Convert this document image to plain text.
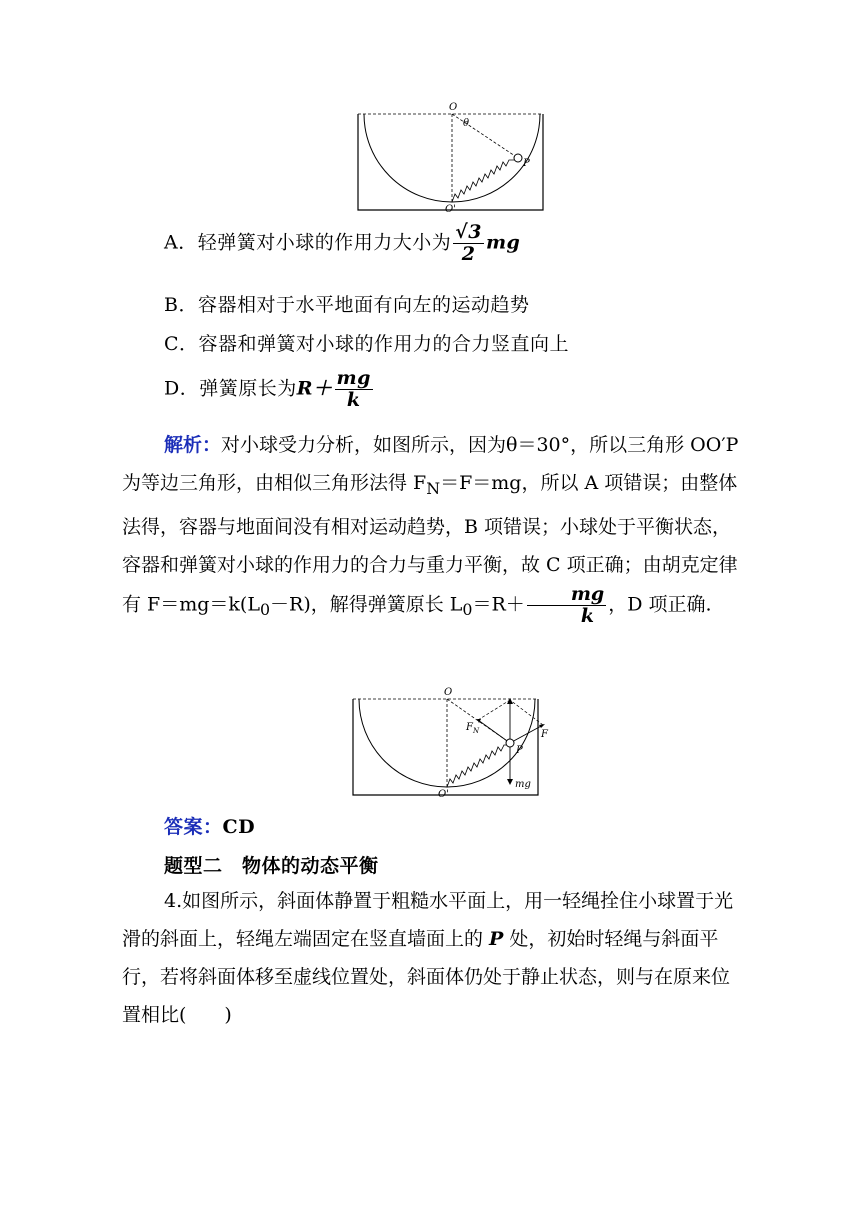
O
θ
P
O'
A．轻弹簧对小球的作用力大小为 $\frac{√3}{2}$ mg
B．容器相对于水平地面有向左的运动趋势
C．容器和弹簧对小球的作用力的合力竖直向上
D．弹簧原长为$R+ \frac{mg}{k}$
解析：对小球受力分析，如图所示，因为θ＝30°，所以三角形 OO′P 为等边三角形，由相似三角形法得 $F_N=F=mg$，所以 A 项错误；由整体法得，容器与地面间没有相对运动趋势，B 项错误；小球处于平衡状态，容器和弹簧对小球的作用力的合力与重力平衡，故 C 项正确；由胡克定律有 $F=mg=k(L_0-R)$，解得弹簧原长 $L_0=R+ \frac{mg}{k}$ ，D 项正确.
O
$F_N$	F
P
O'
mg
答案：CD
题型二　物体的动态平衡
4.如图所示，斜面体静置于粗糙水平面上，用一轻绳拴住小球置于光滑的斜面上，轻绳左端固定在竖直墙面上的 P 处，初始时轻绳与斜面平行，若将斜面体移至虚线位置处，斜面体仍处于静止状态，则与在原来位置相比(　　)
